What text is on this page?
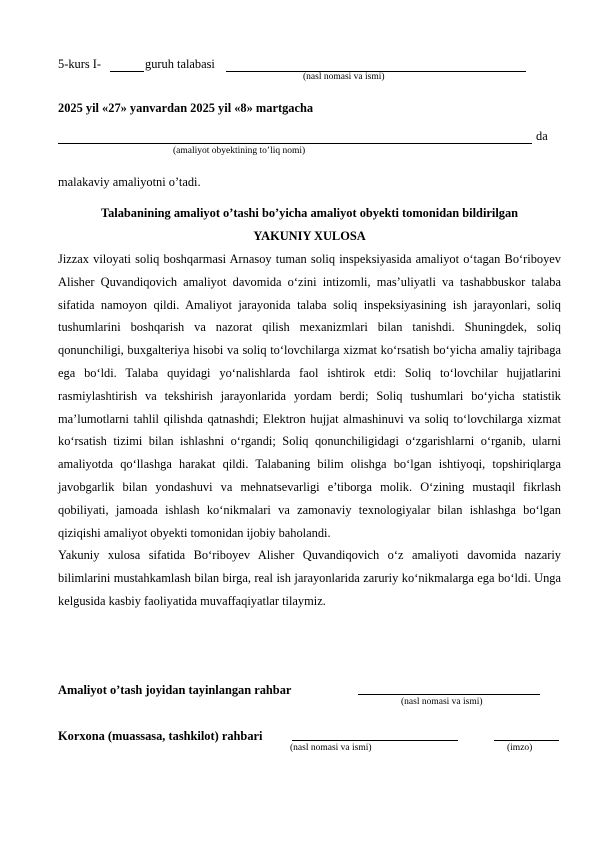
5-kurs I-	guruh talabasi
(nasl nomasi va ismi)
2025 yil «27» yanvardan 2025 yil «8» martgacha
da
(amaliyot obyektining to’liq nomi)
malakaviy amaliyotni o’tadi.
Talabanining amaliyot o’tashi bo’yicha amaliyot obyekti tomonidan bildirilgan
YAKUNIY XULOSA

Jizzax viloyati soliq boshqarmasi Arnasoy tuman soliq inspeksiyasida amaliyot o‘tagan Bo‘riboyev Alisher Quvandiqovich amaliyot davomida o‘zini intizomli, mas’uliyatli va tashabbuskor talaba sifatida namoyon qildi. Amaliyot jarayonida talaba soliq inspeksiyasining ish jarayonlari, soliq tushumlarini boshqarish va nazorat qilish mexanizmlari bilan tanishdi. Shuningdek, soliq qonunchiligi, buxgalteriya hisobi va soliq to‘lovchilarga xizmat ko‘rsatish bo‘yicha amaliy tajribaga ega bo‘ldi. Talaba quyidagi yo‘nalishlarda faol ishtirok etdi: Soliq to‘lovchilar hujjatlarini rasmiylashtirish va tekshirish jarayonlarida yordam berdi; Soliq tushumlari bo‘yicha statistik ma’lumotlarni tahlil qilishda qatnashdi; Elektron hujjat almashinuvi va soliq to‘lovchilarga xizmat ko‘rsatish tizimi bilan ishlashni o‘rgandi; Soliq qonunchiligidagi o‘zgarishlarni o‘rganib, ularni amaliyotda qo‘llashga harakat qildi. Talabaning bilim olishga bo‘lgan ishtiyoqi, topshiriqlarga javobgarlik bilan yondashuvi va mehnatsevarligi e’tiborga molik. O‘zining mustaqil fikrlash qobiliyati, jamoada ishlash ko‘nikmalari va zamonaviy texnologiyalar bilan ishlashga bo‘lgan qiziqishi amaliyot obyekti tomonidan ijobiy baholandi.

Yakuniy xulosa sifatida Bo‘riboyev Alisher Quvandiqovich o‘z amaliyoti davomida nazariy bilimlarini mustahkamlash bilan birga, real ish jarayonlarida zaruriy ko‘nikmalarga ega bo‘ldi. Unga kelgusida kasbiy faoliyatida muvaffaqiyatlar tilaymiz.

Amaliyot o’tash joyidan tayinlangan rahbar
(nasl nomasi va ismi)
Korxona (muassasa, tashkilot) rahbari
(nasl nomasi va ismi)	(imzo)
